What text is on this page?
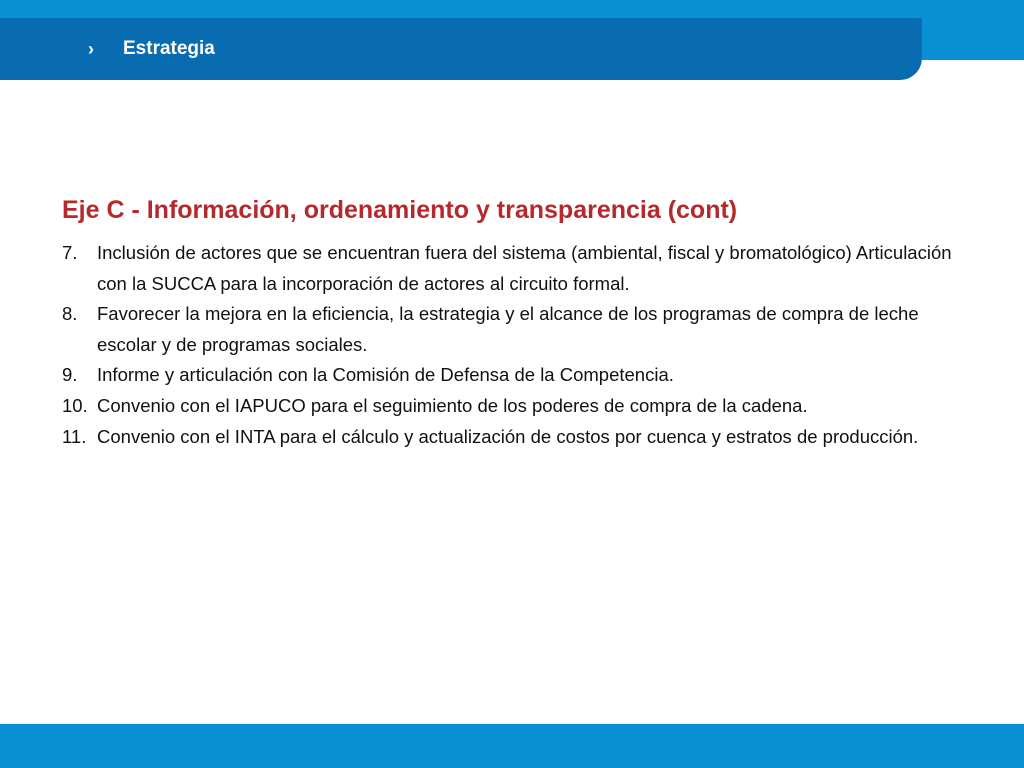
› Estrategia
Eje C - Información, ordenamiento y transparencia (cont)
7. Inclusión de actores que se encuentran fuera del sistema (ambiental, fiscal y bromatológico) Articulación con la SUCCA para la incorporación de actores al circuito formal.
8. Favorecer la mejora en la eficiencia, la estrategia y el alcance de los programas de compra de leche escolar y de programas sociales.
9. Informe y articulación con la Comisión de Defensa de la Competencia.
10. Convenio con el IAPUCO para el seguimiento de los poderes de compra de la cadena.
11. Convenio con el INTA para el cálculo y actualización de costos por cuenca y estratos de producción.
